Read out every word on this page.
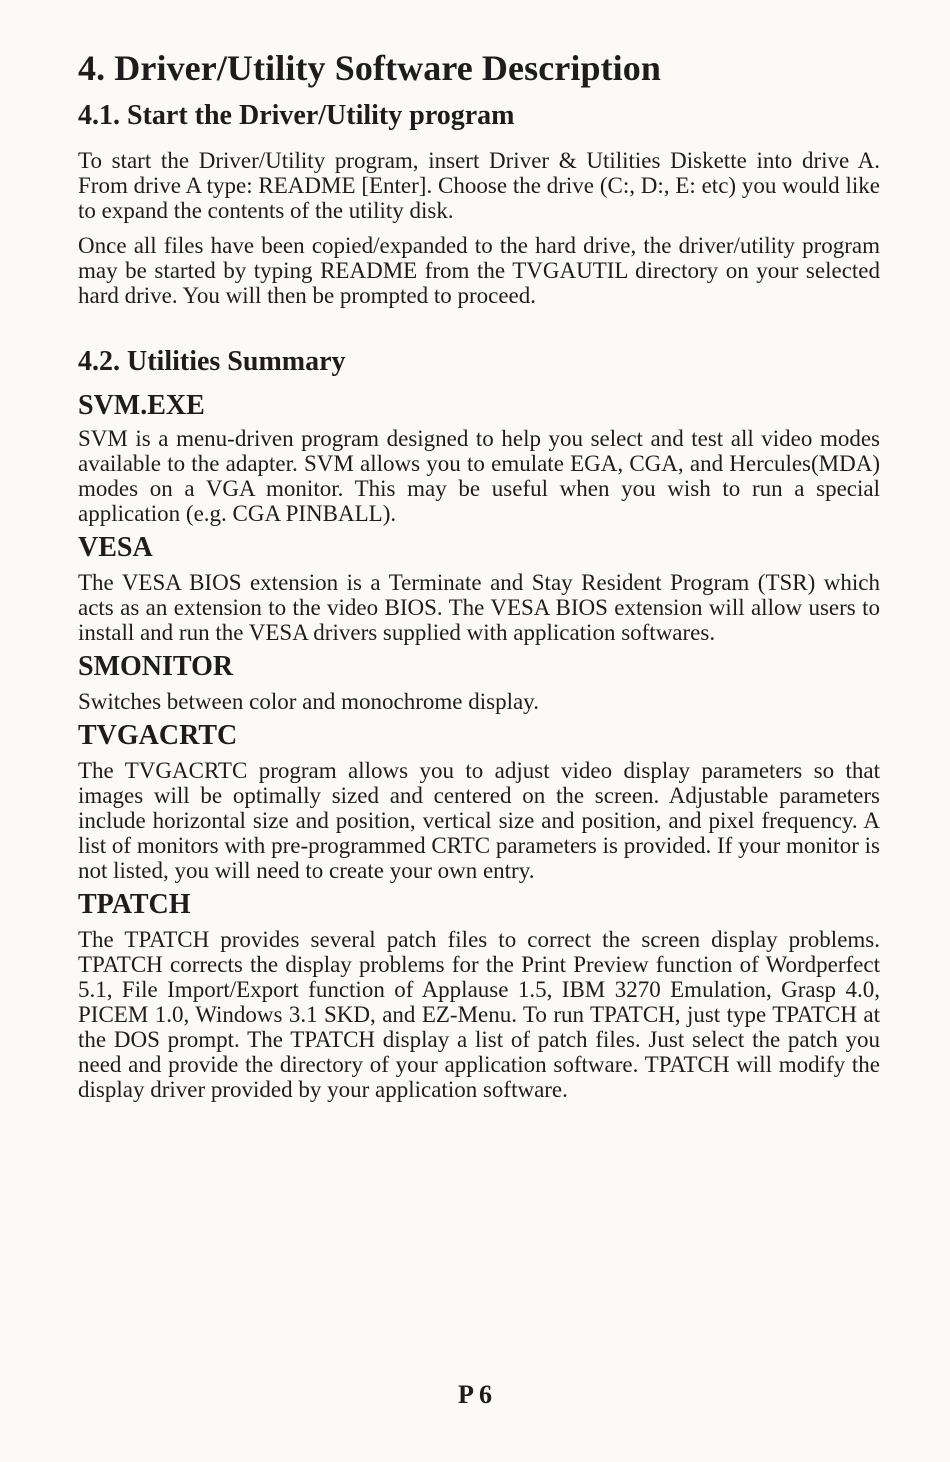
4. Driver/Utility Software Description
4.1. Start the Driver/Utility program

To start the Driver/Utility program, insert Driver & Utilities Diskette into drive A. From drive A type: README [Enter]. Choose the drive (C:, D:, E: etc) you would like to expand the contents of the utility disk.

Once all files have been copied/expanded to the hard drive, the driver/utility program may be started by typing README from the TVGAUTIL directory on your selected hard drive. You will then be prompted to proceed.

4.2. Utilities Summary
SVM.EXE

SVM is a menu-driven program designed to help you select and test all video modes available to the adapter. SVM allows you to emulate EGA, CGA, and Hercules(MDA) modes on a VGA monitor. This may be useful when you wish to run a special application (e.g. CGA PINBALL).

VESA

The VESA BIOS extension is a Terminate and Stay Resident Program (TSR) which acts as an extension to the video BIOS. The VESA BIOS extension will allow users to install and run the VESA drivers supplied with application softwares.

SMONITOR

Switches between color and monochrome display.

TVGACRTC

The TVGACRTC program allows you to adjust video display parameters so that images will be optimally sized and centered on the screen. Adjustable parameters include horizontal size and position, vertical size and position, and pixel frequency. A list of monitors with pre-programmed CRTC parameters is provided. If your monitor is not listed, you will need to create your own entry.

TPATCH

The TPATCH provides several patch files to correct the screen display problems. TPATCH corrects the display problems for the Print Preview function of Wordperfect 5.1, File Import/Export function of Applause 1.5, IBM 3270 Emulation, Grasp 4.0, PICEM 1.0, Windows 3.1 SKD, and EZ-Menu. To run TPATCH, just type TPATCH at the DOS prompt. The TPATCH display a list of patch files. Just select the patch you need and provide the directory of your application software. TPATCH will modify the display driver provided by your application software.

P 6
